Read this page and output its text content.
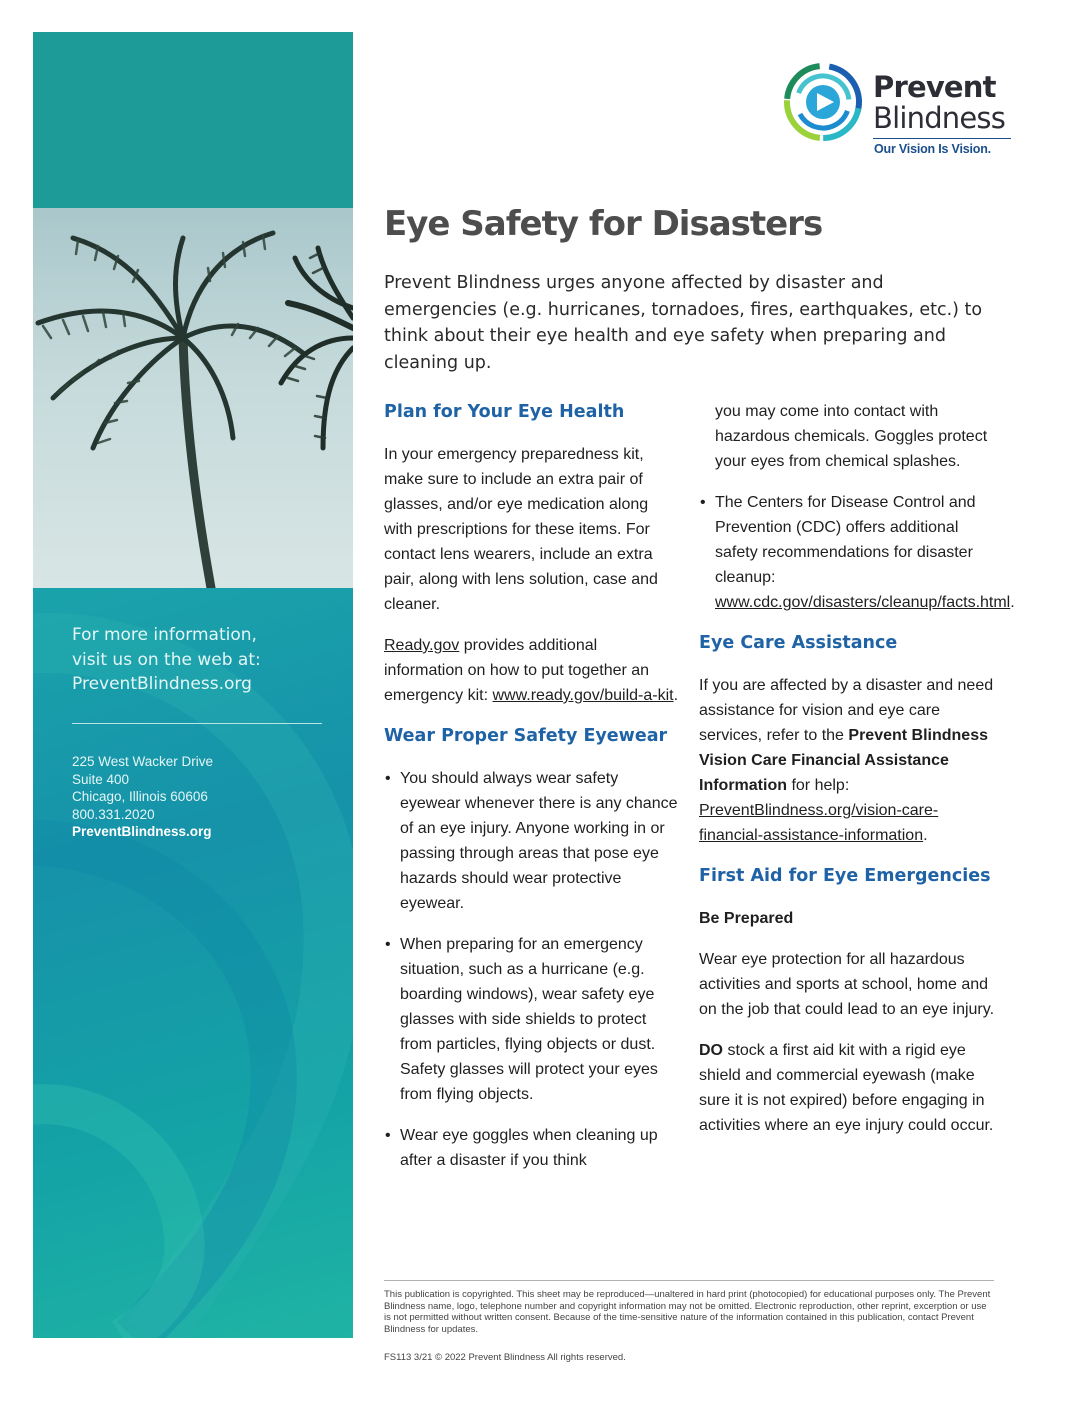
For more information,

visit us on the web at:

PreventBlindness.org

225 West Wacker Drive
Suite 400
Chicago, Illinois 60606
800.331.2020
PreventBlindness.org
Prevent
Blindness
Our Vision Is Vision.
Eye Safety for Disasters

Prevent Blindness urges anyone affected by disaster and emergencies (e.g. hurricanes, tornadoes, fires, earthquakes, etc.) to think about their eye health and eye safety when preparing and cleaning up.

Plan for Your Eye Health

In your emergency preparedness kit, make sure to include an extra pair of glasses, and/or eye medication along with prescriptions for these items. For contact lens wearers, include an extra pair, along with lens solution, case and cleaner.

Ready.gov provides additional information on how to put together an emergency kit: www.ready.gov/build-a-kit.

Wear Proper Safety Eyewear
• You should always wear safety eyewear whenever there is any chance of an eye injury. Anyone working in or passing through areas that pose eye hazards should wear protective eyewear.
• When preparing for an emergency situation, such as a hurricane (e.g. boarding windows), wear safety eye glasses with side shields to protect from particles, flying objects or dust. Safety glasses will protect your eyes from flying objects.
• Wear eye goggles when cleaning up after a disaster if you think
you may come into contact with hazardous chemicals. Goggles protect your eyes from chemical splashes.
• The Centers for Disease Control and Prevention (CDC) offers additional safety recommendations for disaster cleanup: www.cdc.gov/disasters/cleanup/facts.html.
Eye Care Assistance

If you are affected by a disaster and need assistance for vision and eye care services, refer to the Prevent Blindness Vision Care Financial Assistance Information for help: PreventBlindness.org/vision-care-financial-assistance-information.

First Aid for Eye Emergencies

Be Prepared

Wear eye protection for all hazardous activities and sports at school, home and on the job that could lead to an eye injury.

DO stock a first aid kit with a rigid eye shield and commercial eyewash (make sure it is not expired) before engaging in activities where an eye injury could occur.

This publication is copyrighted. This sheet may be reproduced—unaltered in hard print (photocopied) for educational purposes only. The Prevent Blindness name, logo, telephone number and copyright information may not be omitted. Electronic reproduction, other reprint, excerption or use is not permitted without written consent. Because of the time-sensitive nature of the information contained in this publication, contact Prevent Blindness for updates.

FS113 3/21 © 2022 Prevent Blindness All rights reserved.
